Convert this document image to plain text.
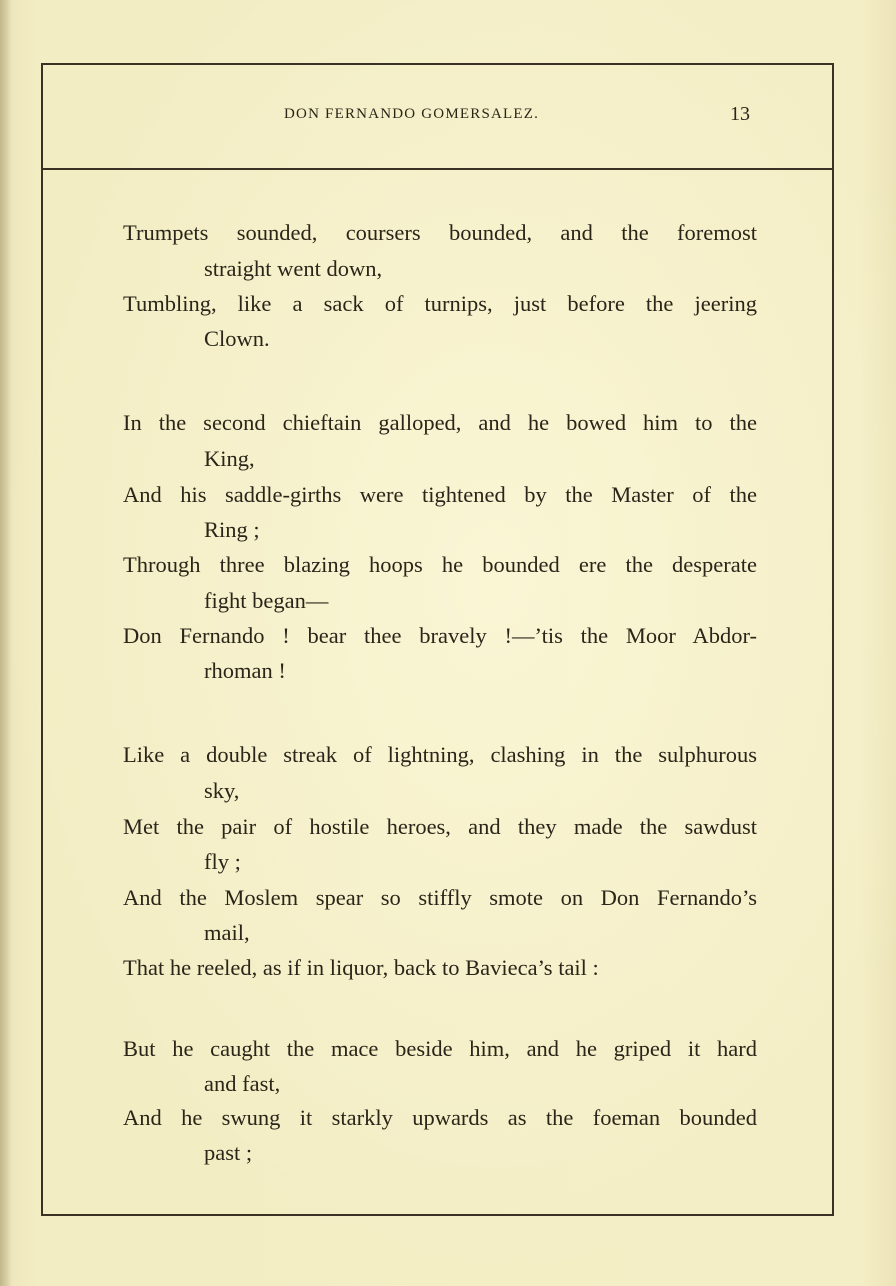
DON FERNANDO GOMERSALEZ.	13
Trumpets sounded, coursers bounded, and the foremost
straight went down,
Tumbling, like a sack of turnips, just before the jeering
Clown.
In the second chieftain galloped, and he bowed him to the
King,
And his saddle-girths were tightened by the Master of the
Ring ;
Through three blazing hoops he bounded ere the desperate
fight began—
Don Fernando ! bear thee bravely !—’tis the Moor Abdor-
rhoman !
Like a double streak of lightning, clashing in the sulphurous
sky,
Met the pair of hostile heroes, and they made the sawdust
fly ;
And the Moslem spear so stiffly smote on Don Fernando’s
mail,
That he reeled, as if in liquor, back to Bavieca’s tail :
But he caught the mace beside him, and he griped it hard
and fast,
And he swung it starkly upwards as the foeman bounded
past ;
